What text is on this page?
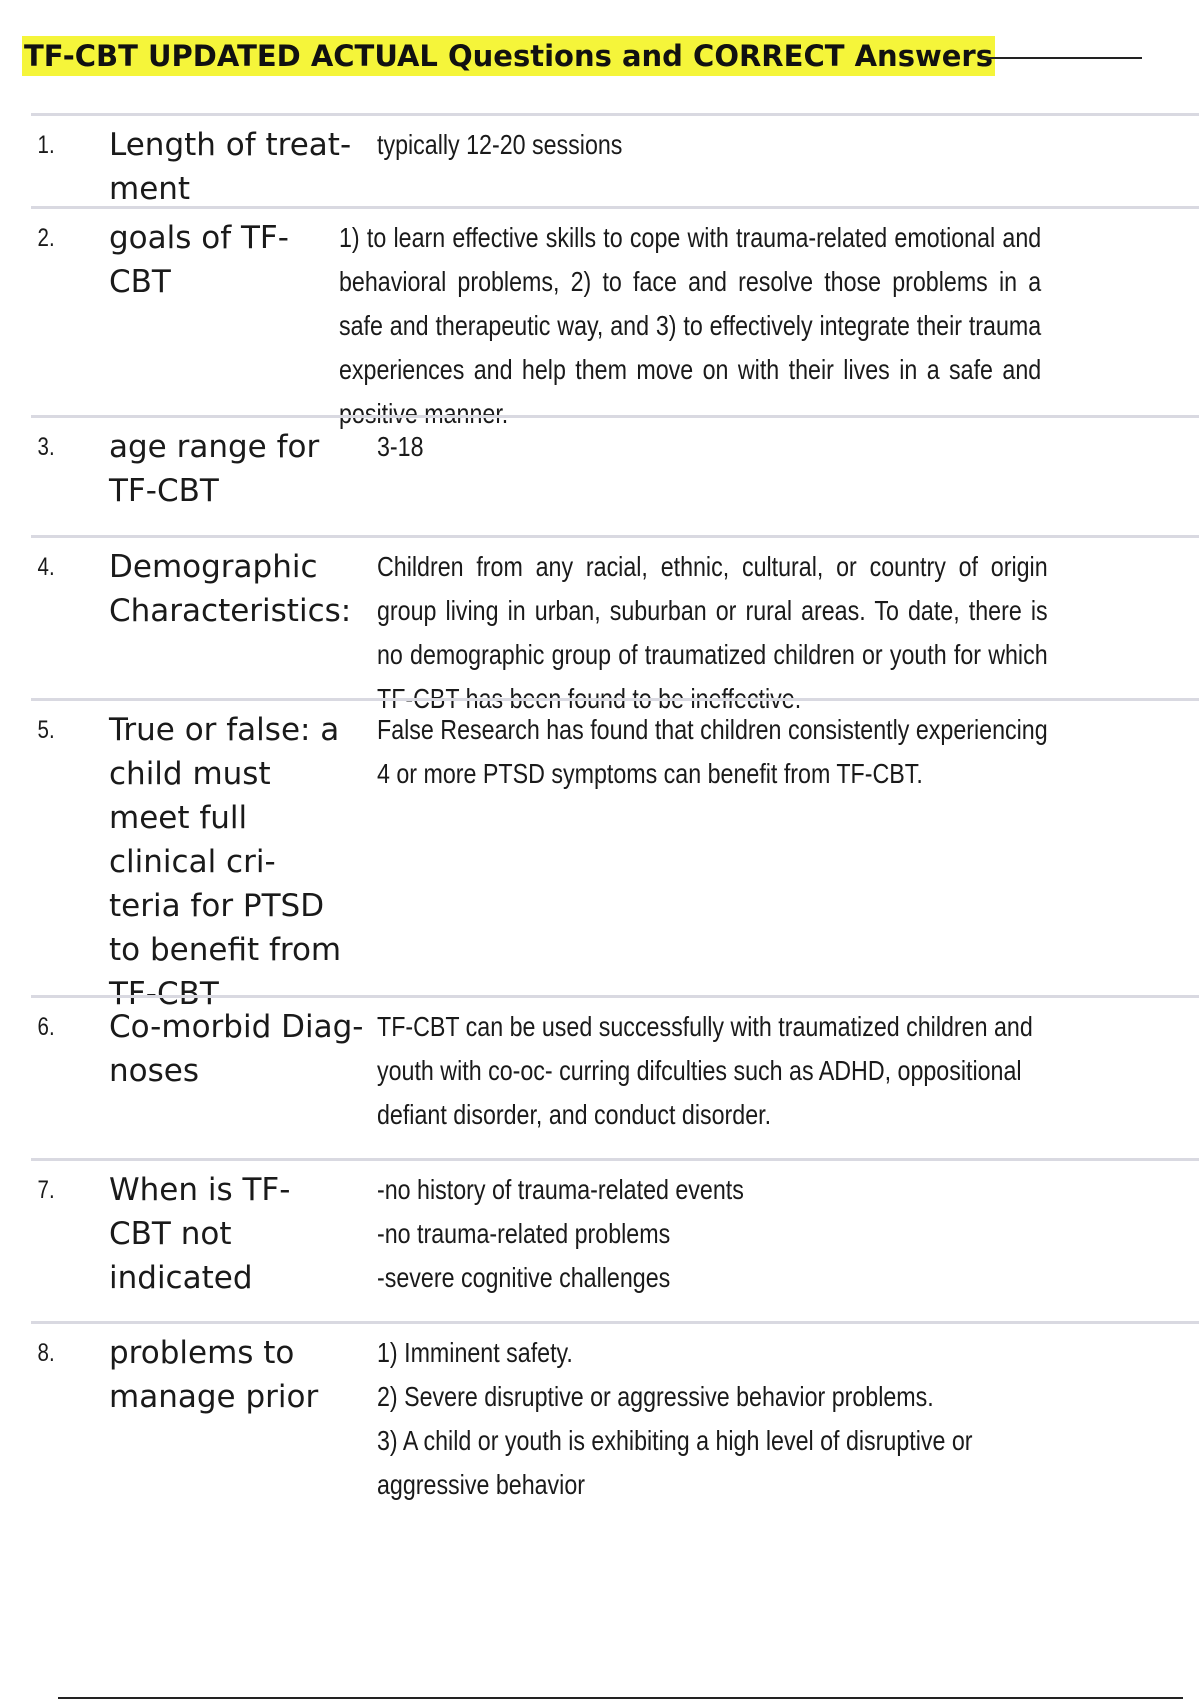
TF-CBT UPDATED ACTUAL Questions and CORRECT Answers
1.	Length of treat- ment
typically 12-20 sessions
2.	goals of TF-CBT
1) to learn effective skills to cope with trauma-related emotional and behavioral problems, 2) to face and resolve those problems in a safe and therapeutic way, and 3) to effectively integrate their trauma experiences and help them move on with their lives in a safe and positive manner.
3.	age range for TF-CBT
3-18
4.	Demographic Characteristics:
Children from any racial, ethnic, cultural, or country of origin group living in urban, suburban or rural areas. To date, there is no demographic group of traumatized children or youth for which TF-CBT has been found to be ineffective.
5.	True or false: a child must meet full clinical cri- teria for PTSD to benefit from TF-CBT
False Research has found that children consistently experiencing 4 or more PTSD symptoms can benefit from TF-CBT.
6.	Co-morbid Diag- noses
TF-CBT can be used successfully with traumatized children and youth with co-oc- curring difculties such as ADHD, oppositional defiant disorder, and conduct disorder.
7.	When is TF-CBT not indicated
-no history of trauma-related events
-no trauma-related problems
-severe cognitive challenges
8.	problems to manage prior
1) Imminent safety.
2) Severe disruptive or aggressive behavior problems.
3) A child or youth is exhibiting a high level of disruptive or aggressive behavior
